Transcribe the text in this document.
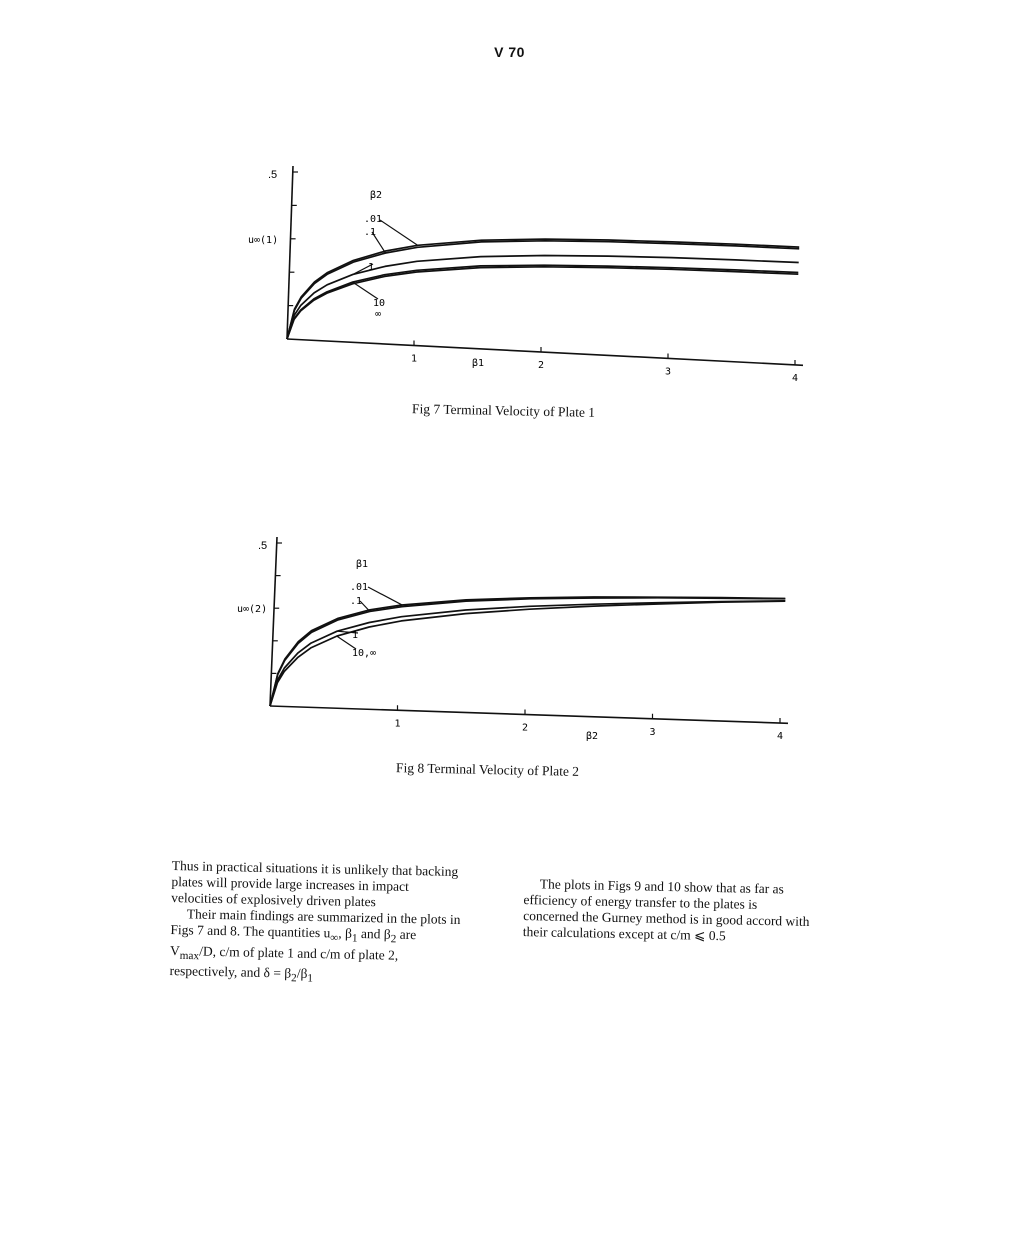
V 70
.5
u∞(1)
β2
.01
.1
1
10
∞
β1
1
2
3
4
Fig 7 Terminal Velocity of Plate 1
.5
u∞(2)
β1
.01
.1
1
10,∞
β2
1	2	3	4
Fig 8 Terminal Velocity of Plate 2

Thus in practical situations it is unlikely that backing plates will provide large increases in impact velocities of explosively driven plates

Their main findings are summarized in the plots in Figs 7 and 8. The quantities $u_\infty$, $\beta_1$ and $\beta_2$ are $V_{max}/D$, c/m of plate 1 and c/m of plate 2, respectively, and $\delta = \beta_2/\beta_1$

The plots in Figs 9 and 10 show that as far as efficiency of energy transfer to the plates is concerned the Gurney method is in good accord with their calculations except at c/m ⩽ 0.5
